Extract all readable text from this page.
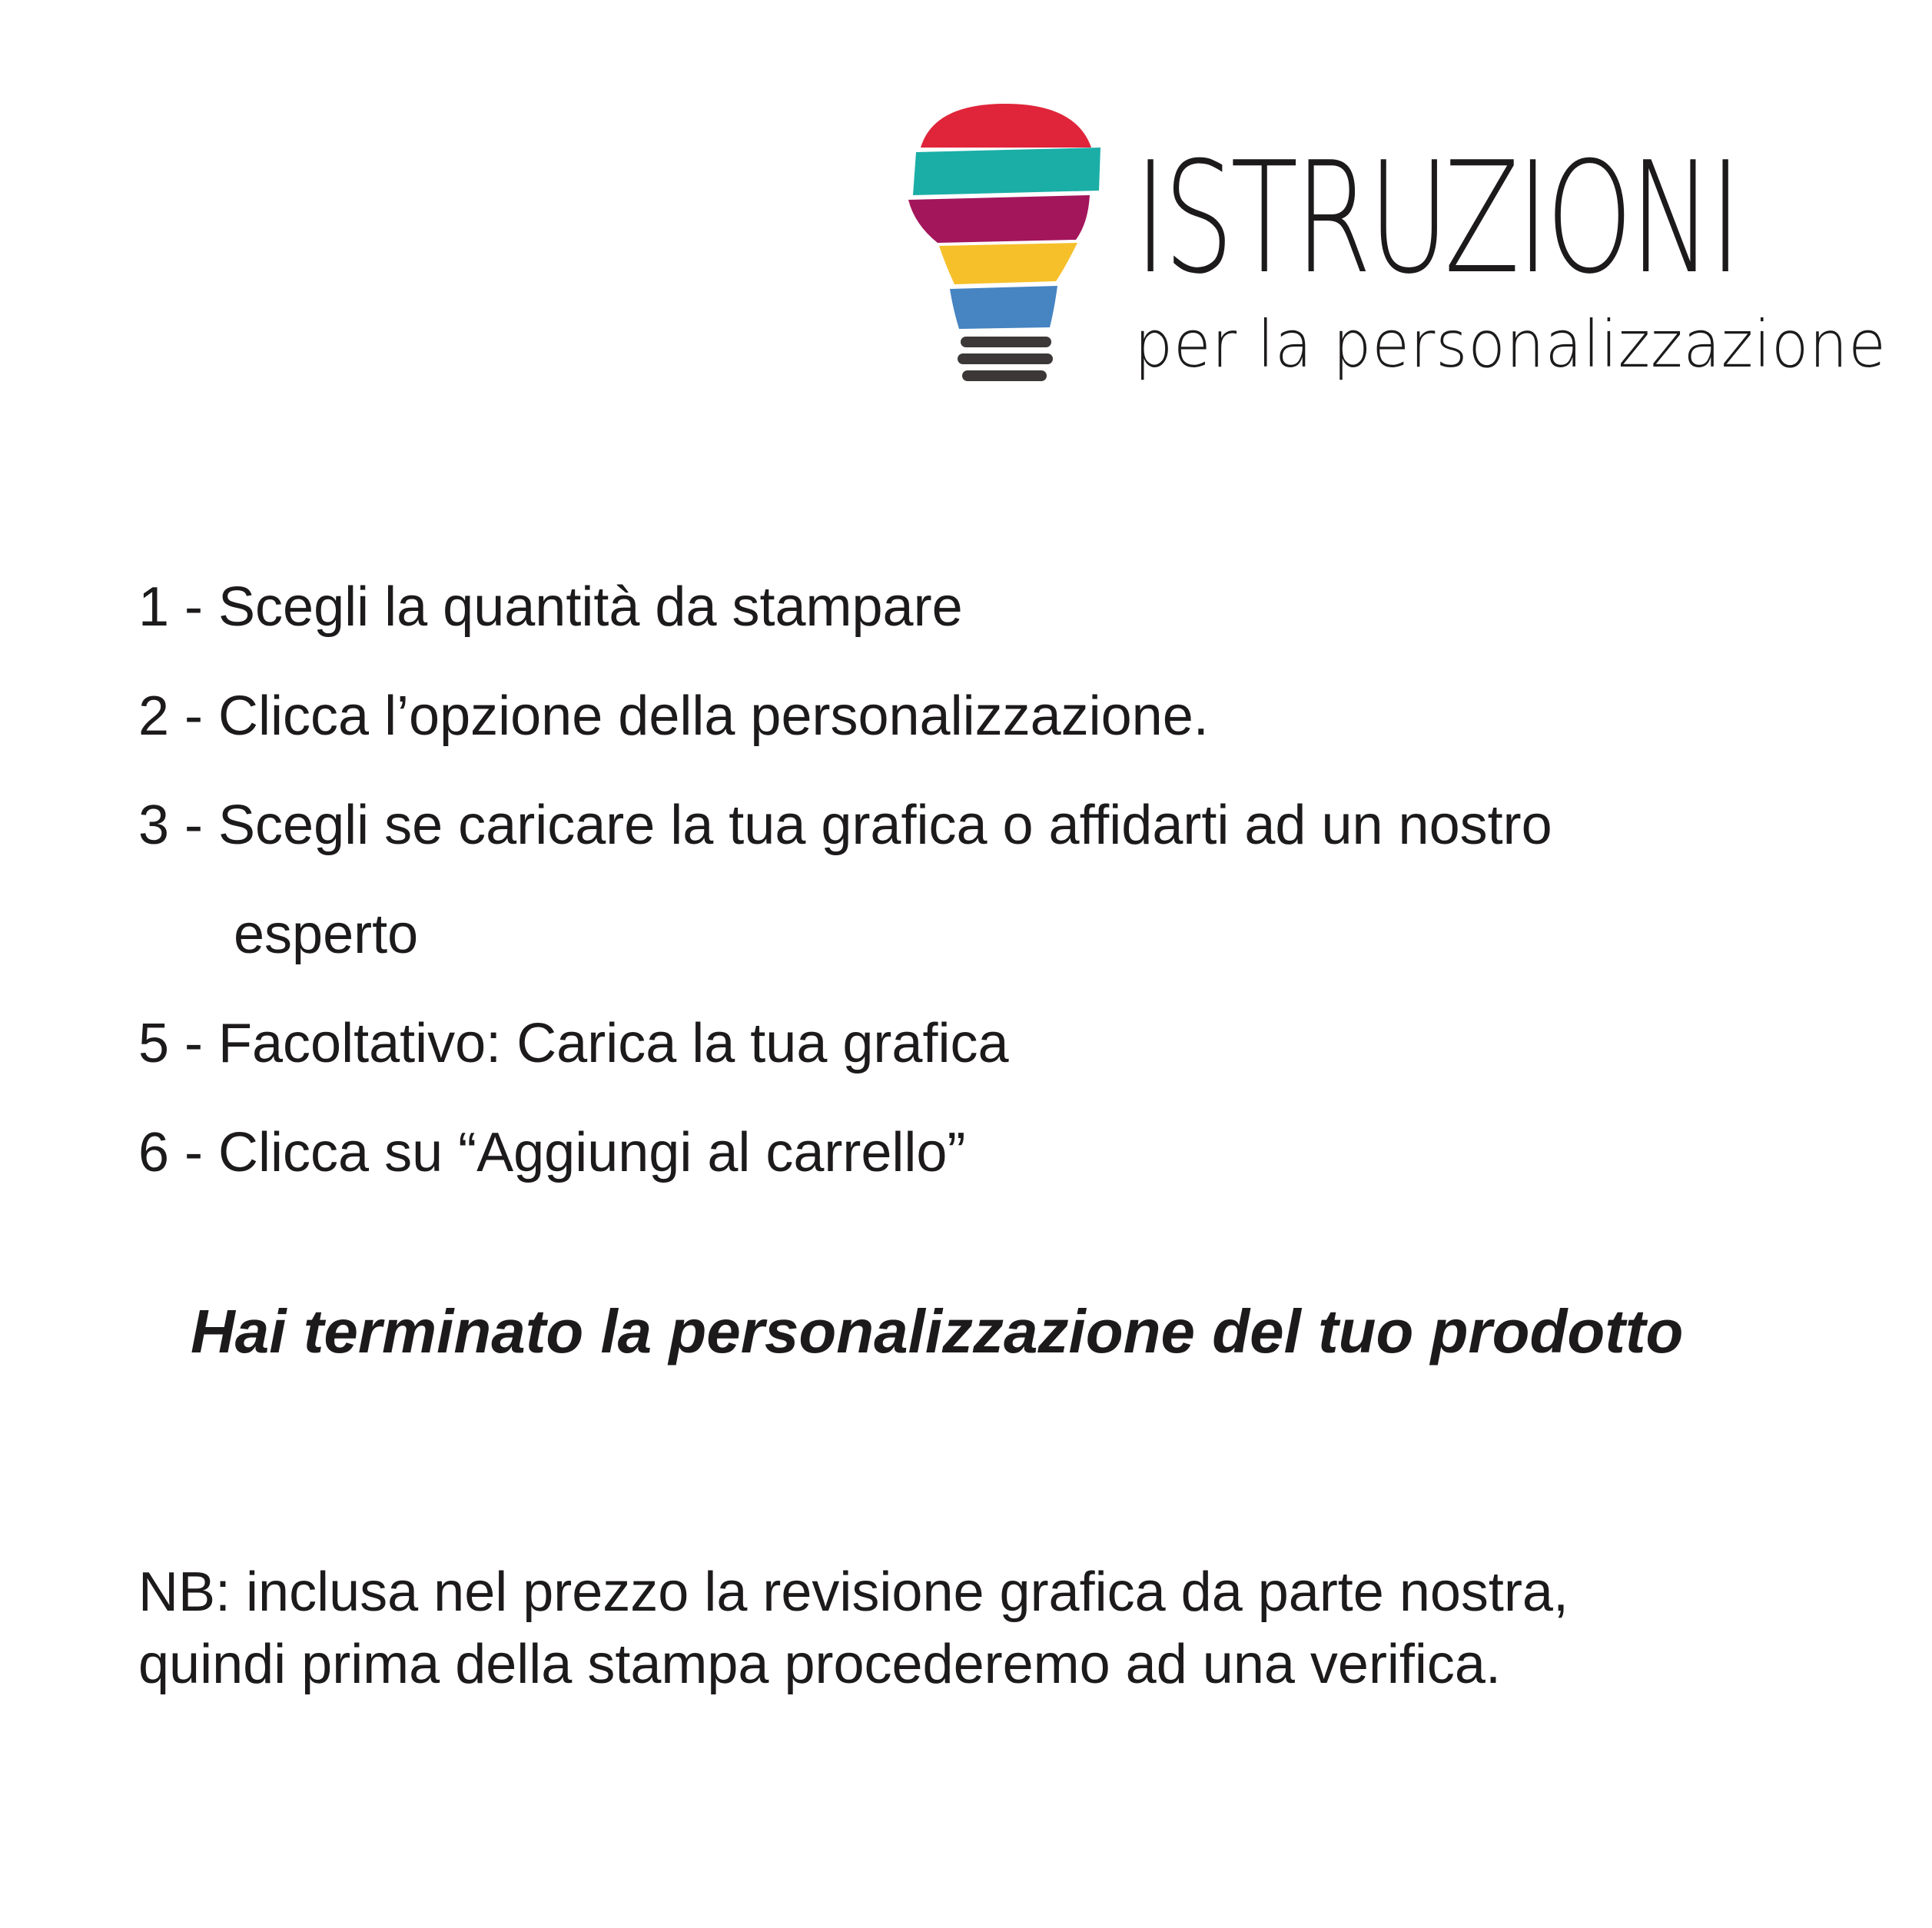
ISTRUZIONI
per la personalizzazione
1 - Scegli la quantità da stampare
2 - Clicca l’opzione della personalizzazione.
3 - Scegli se caricare la tua grafica o affidarti ad un nostro
esperto
5 - Facoltativo: Carica la tua grafica
6 - Clicca su “Aggiungi al carrello”
Hai terminato la personalizzazione del tuo prodotto
NB: inclusa nel prezzo la revisione grafica da parte nostra,
quindi prima della stampa procederemo ad una verifica.
